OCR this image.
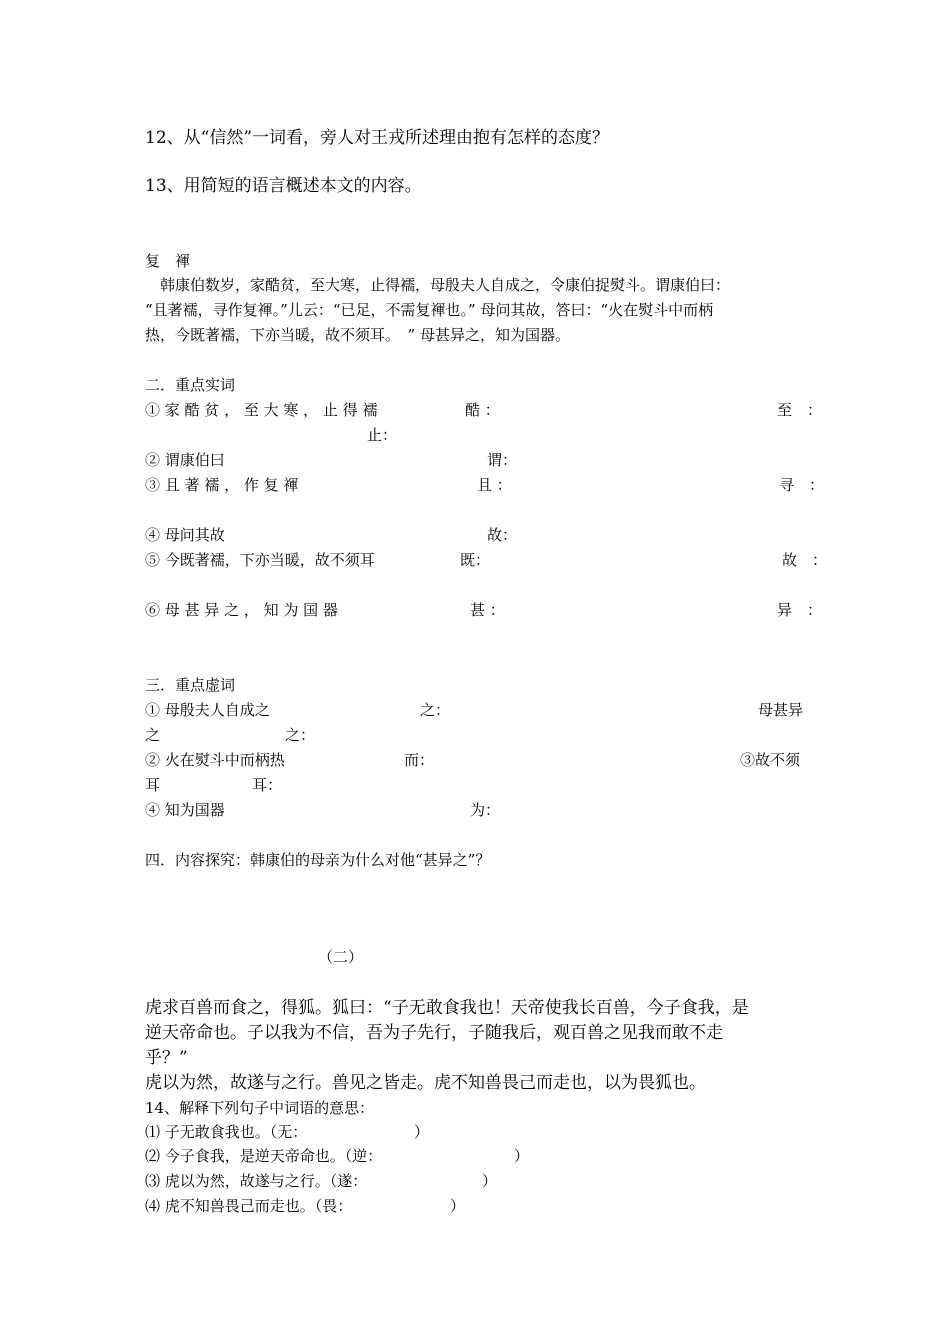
12、从“信然”一词看，旁人对王戎所述理由抱有怎样的态度？
13、用简短的语言概述本文的内容。
复　褌
韩康伯数岁，家酷贫，至大寒，止得襦，母殷夫人自成之，令康伯捉熨斗。谓康伯曰：
“且著襦，寻作复褌。”儿云：“已足，不需复褌也。” 母问其故，答曰：“火在熨斗中而柄
热，今既著襦，下亦当暖，故不须耳。　” 母甚异之，知为国器。
二．重点实词
① 家 酷 贫 ， 至 大 寒 ， 止 得 襦	酷 ：	至　：
止：
② 谓康伯曰	谓：
③ 且 著 襦 ， 作 复 褌	且 ：	寻　：
④ 母问其故	故：
⑤ 今既著襦，下亦当暖，故不须耳	既：	故　：
⑥ 母 甚 异 之 ， 知 为 国 器	甚 ：	异　：
三．重点虚词
① 母殷夫人自成之	之：	母甚异
之	之：
② 火在熨斗中而柄热	而：	③故不须
耳	耳：
④ 知为国器	为：
四．内容探究：韩康伯的母亲为什么对他“甚异之”？
（二）
虎求百兽而食之，得狐。狐曰：“子无敢食我也！天帝使我长百兽，今子食我，是
逆天帝命也。子以我为不信，吾为子先行，子随我后，观百兽之见我而敢不走
乎？”
虎以为然，故遂与之行。兽见之皆走。虎不知兽畏己而走也，以为畏狐也。
14、解释下列句子中词语的意思：
⑴ 子无敢食我也。（无：	）
⑵ 今子食我，是逆天帝命也。（逆：	）
⑶ 虎以为然，故遂与之行。（遂：	）
⑷ 虎不知兽畏己而走也。（畏：	）
